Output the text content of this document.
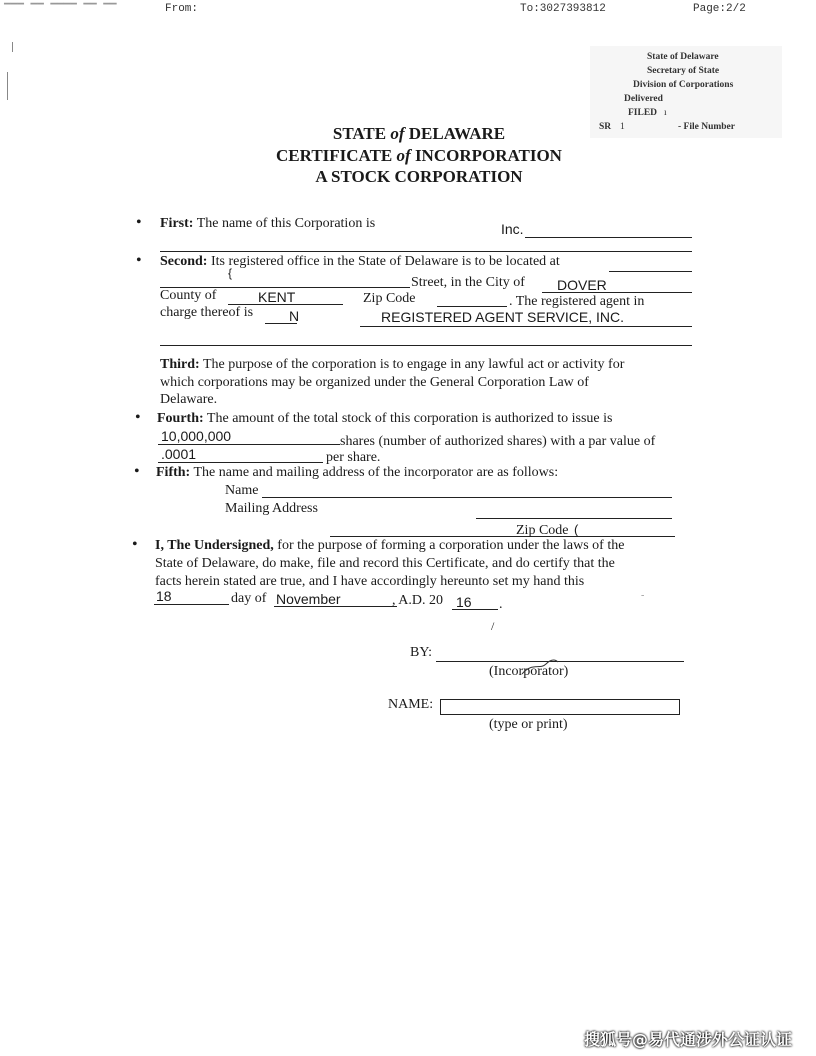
▔▔▔ ▔▔ ▔▔▔▔ ▔▔ ▔▔	From:	To:3027393812	Page:2/2
State of Delaware
Secretary of State
Division of Corporations
Delivered
FILED ı
SR 1	- File Number
STATE of DELAWARE
CERTIFICATE of INCORPORATION
A STOCK CORPORATION
• First: The name of this Corporation is	Inc.
• Second: Its registered office in the State of Delaware is to be located at
{
Street, in the City of DOVER
County of	KENT	Zip Code	. The registered agent in
charge thereof is	N	REGISTERED AGENT SERVICE, INC.
Third: The purpose of the corporation is to engage in any lawful act or activity for
which corporations may be organized under the General Corporation Law of
Delaware.
• Fourth: The amount of the total stock of this corporation is authorized to issue is
10,000,000	shares (number of authorized shares) with a par value of
.0001	per share.
• Fifth: The name and mailing address of the incorporator are as follows:
Name
Mailing Address
Zip Code (
• I, The Undersigned, for the purpose of forming a corporation under the laws of the
State of Delaware, do make, file and record this Certificate, and do certify that the
facts herein stated are true, and I have accordingly hereunto set my hand this
18	day of November	, A.D. 20 16 .
-
/
BY:
(Incorporator)
NAME:
(type or print)
搜狐号@易代通涉外公证认证
